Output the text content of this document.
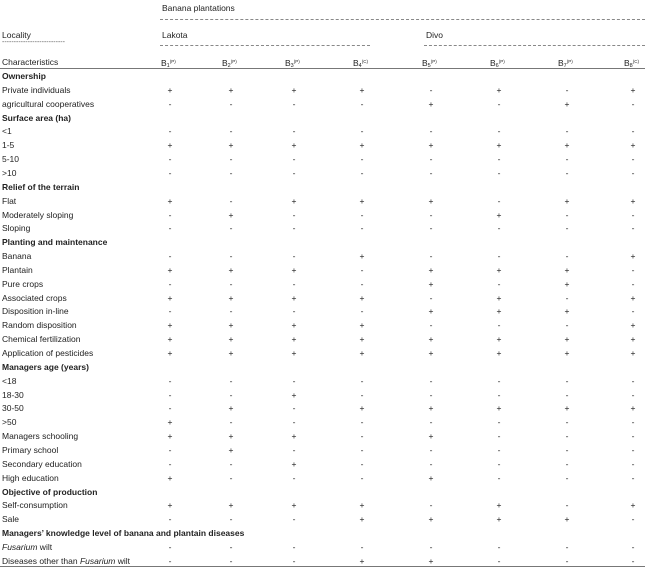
Banana plantations
Locality
---------------------------
Lakota	Divo
Characteristics	$B_1^{(P)}$	$B_2^{(P)}$	$B_3^{(P)}$	$B_4^{(C)}$	$B_5^{(P)}$	$B_6^{(P)}$	$B_7^{(P)}$	$B_8^{(C)}$
Ownership
Private individuals	+	+	+	+	-	+	-	+
agricultural cooperatives	-	-	-	-	+	-	+	-
Surface area (ha)
<1	-	-	-	-	-	-	-	-
1-5	+	+	+	+	+	+	+	+
5-10	-	-	-	-	-	-	-	-
>10	-	-	-	-	-	-	-	-
Relief of the terrain
Flat	+	-	+	+	+	-	+	+
Moderately sloping	-	+	-	-	-	+	-	-
Sloping	-	-	-	-	-	-	-	-
Planting and maintenance
Banana	-	-	-	+	-	-	-	+
Plantain	+	+	+	-	+	+	+	-
Pure crops	-	-	-	-	+	-	+	-
Associated crops	+	+	+	+	-	+	-	+
Disposition in-line	-	-	-	-	+	+	+	-
Random disposition	+	+	+	+	-	-	-	+
Chemical fertilization	+	+	+	+	+	+	+	+
Application of pesticides	+	+	+	+	+	+	+	+
Managers age (years)
<18	-	-	-	-	-	-	-	-
18-30	-	-	+	-	-	-	-	-
30-50	-	+	-	+	+	+	+	+
>50	+	-	-	-	-	-	-	-
Managers schooling	+	+	+	-	+	-	-	-
Primary school	-	+	-	-	-	-	-	-
Secondary education	-	-	+	-	-	-	-	-
High education	+	-	-	-	+	-	-	-
Objective of production
Self-consumption	+	+	+	+	-	+	-	+
Sale	-	-	-	+	+	+	+	-
Managers’ knowledge level of banana and plantain diseases
Fusarium wilt	-	-	-	-	-	-	-	-
Diseases other than Fusarium wilt	-	-	-	+	+	-	-	-
